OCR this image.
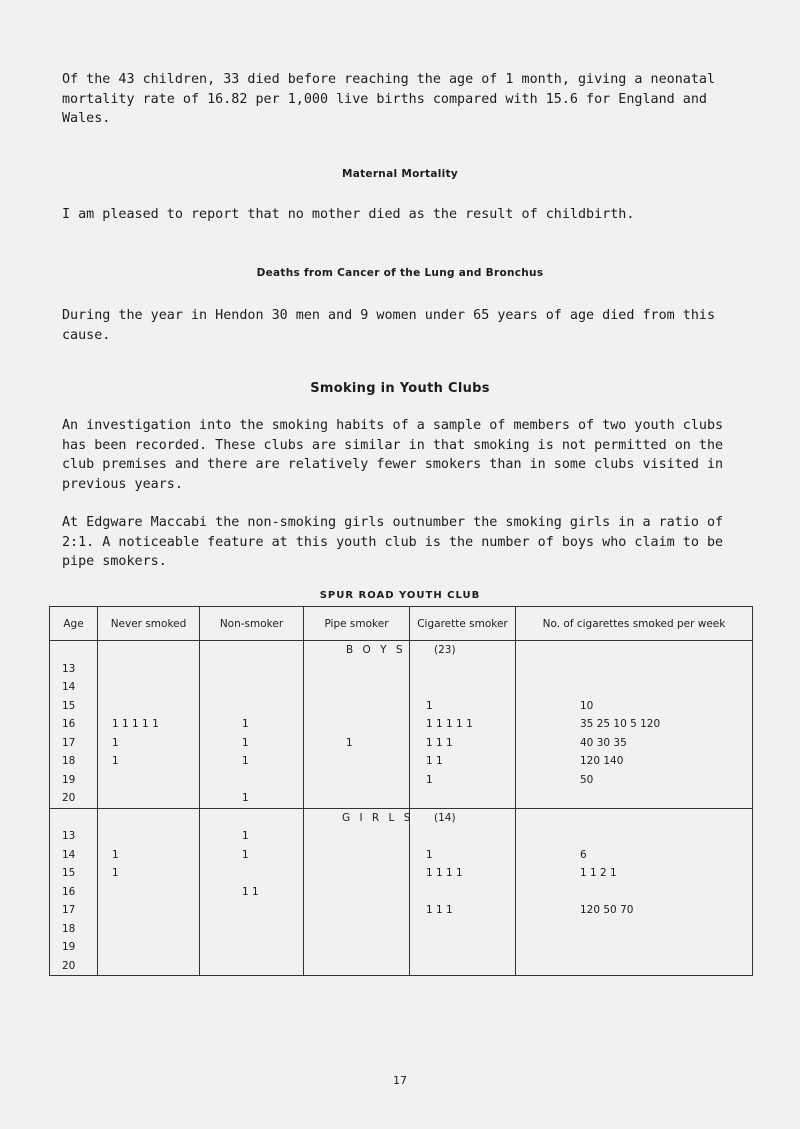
Of the 43 children, 33 died before reaching the age of 1 month, giving a neonatal mortality rate of 16.82 per 1,000 live births compared with 15.6 for England and Wales.

Maternal Mortality

I am pleased to report that no mother died as the result of childbirth.

Deaths from Cancer of the Lung and Bronchus

During the year in Hendon 30 men and 9 women under 65 years of age died from this cause.

Smoking in Youth Clubs

An investigation into the smoking habits of a sample of members of two youth clubs has been recorded. These clubs are similar in that smoking is not permitted on the club premises and there are relatively fewer smokers than in some clubs visited in previous years.

At Edgware Maccabi the non-smoking girls outnumber the smoking girls in a ratio of 2:1. A noticeable feature at this youth club is the number of boys who claim to be pipe smokers.

SPUR ROAD YOUTH CLUB
Age	Never smoked	Non-smoker	Pipe smoker	Cigarette smoker	No. of cigarettes smoked per week
			B O Y S	(23)	
13					
14					
15				1	10
16	1 1 1 1 1	1		1 1 1 1 1	35 25 10 5 120
17	1	1	1	1 1 1	40 30 35
18	1	1		1 1	120 140
19				1	50
20		1			
			G I R L S	(14)	
13		1			
14	1	1		1	6
15	1			1 1 1 1	1 1 2 1
16		1 1			
17				1 1 1	120 50 70
18					
19					
20					
17
